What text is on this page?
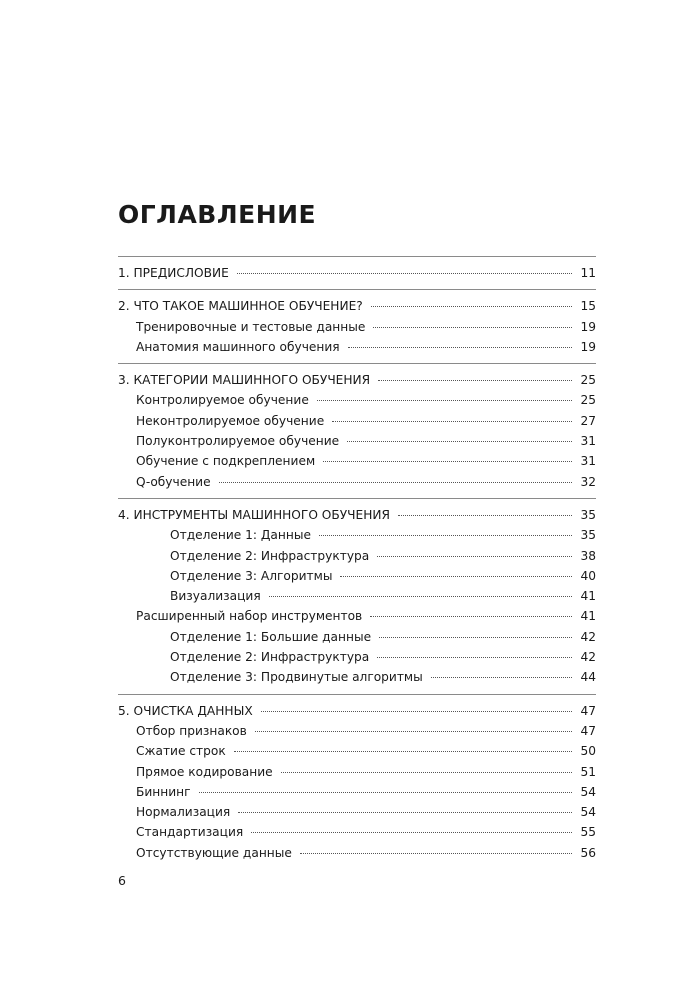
ОГЛАВЛЕНИЕ
1. ПРЕДИСЛОВИЕ	11
2. ЧТО ТАКОЕ МАШИННОЕ ОБУЧЕНИЕ?	15
Тренировочные и тестовые данные	19
Анатомия машинного обучения	19
3. КАТЕГОРИИ МАШИННОГО ОБУЧЕНИЯ	25
Контролируемое обучение	25
Неконтролируемое обучение	27
Полуконтролируемое обучение	31
Обучение с подкреплением	31
Q-обучение	32
4. ИНСТРУМЕНТЫ МАШИННОГО ОБУЧЕНИЯ	35
Отделение 1: Данные	35
Отделение 2: Инфраструктура	38
Отделение 3: Алгоритмы	40
Визуализация	41
Расширенный набор инструментов	41
Отделение 1: Большие данные	42
Отделение 2: Инфраструктура	42
Отделение 3: Продвинутые алгоритмы	44
5. ОЧИСТКА ДАННЫХ	47
Отбор признаков	47
Сжатие строк	50
Прямое кодирование	51
Биннинг	54
Нормализация	54
Стандартизация	55
Отсутствующие данные	56
6
